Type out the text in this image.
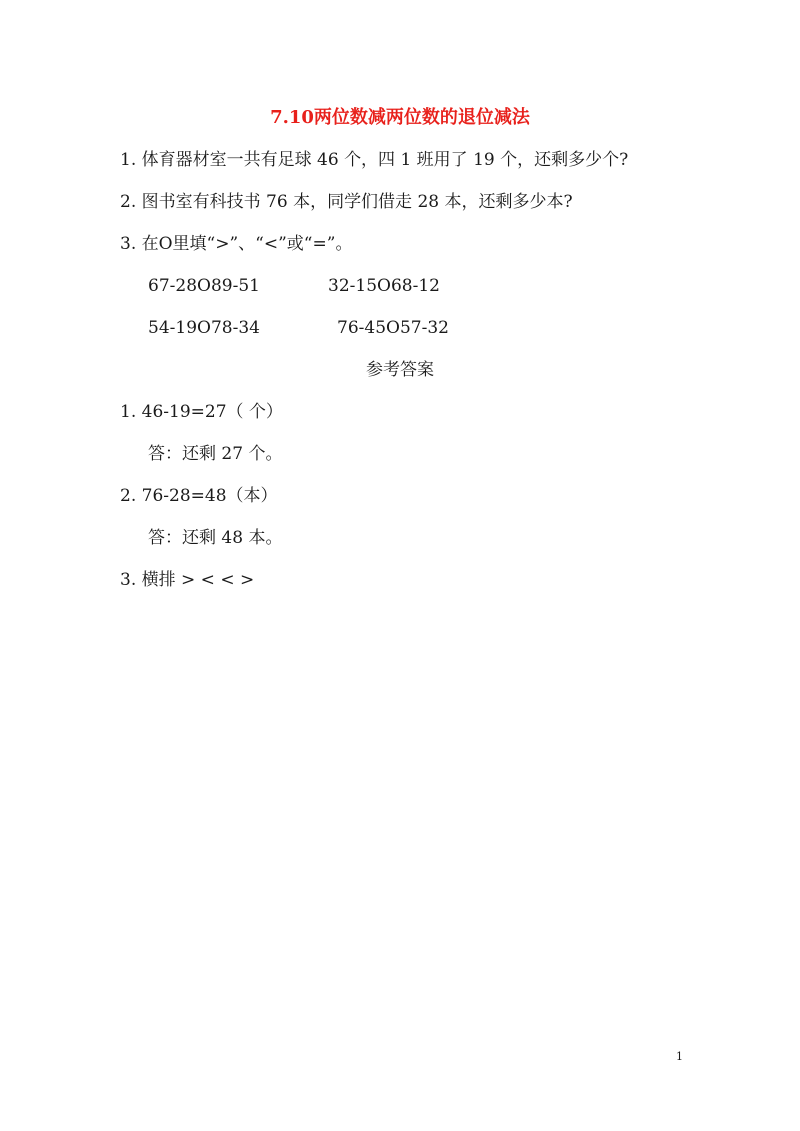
7.10两位数减两位数的退位减法
1. 体育器材室一共有足球 46 个，四 1 班用了 19 个，还剩多少个?
2. 图书室有科技书 76 本，同学们借走 28 本，还剩多少本?
3. 在O里填“>”、“<”或“=”。
67-28O89-51	32-15O68-12
54-19O78-34	76-45O57-32
参考答案
1. 46-19=27（ 个）
答：还剩 27 个。
2. 76-28=48（本）
答：还剩 48 本。
3. 横排 > < < >
1
